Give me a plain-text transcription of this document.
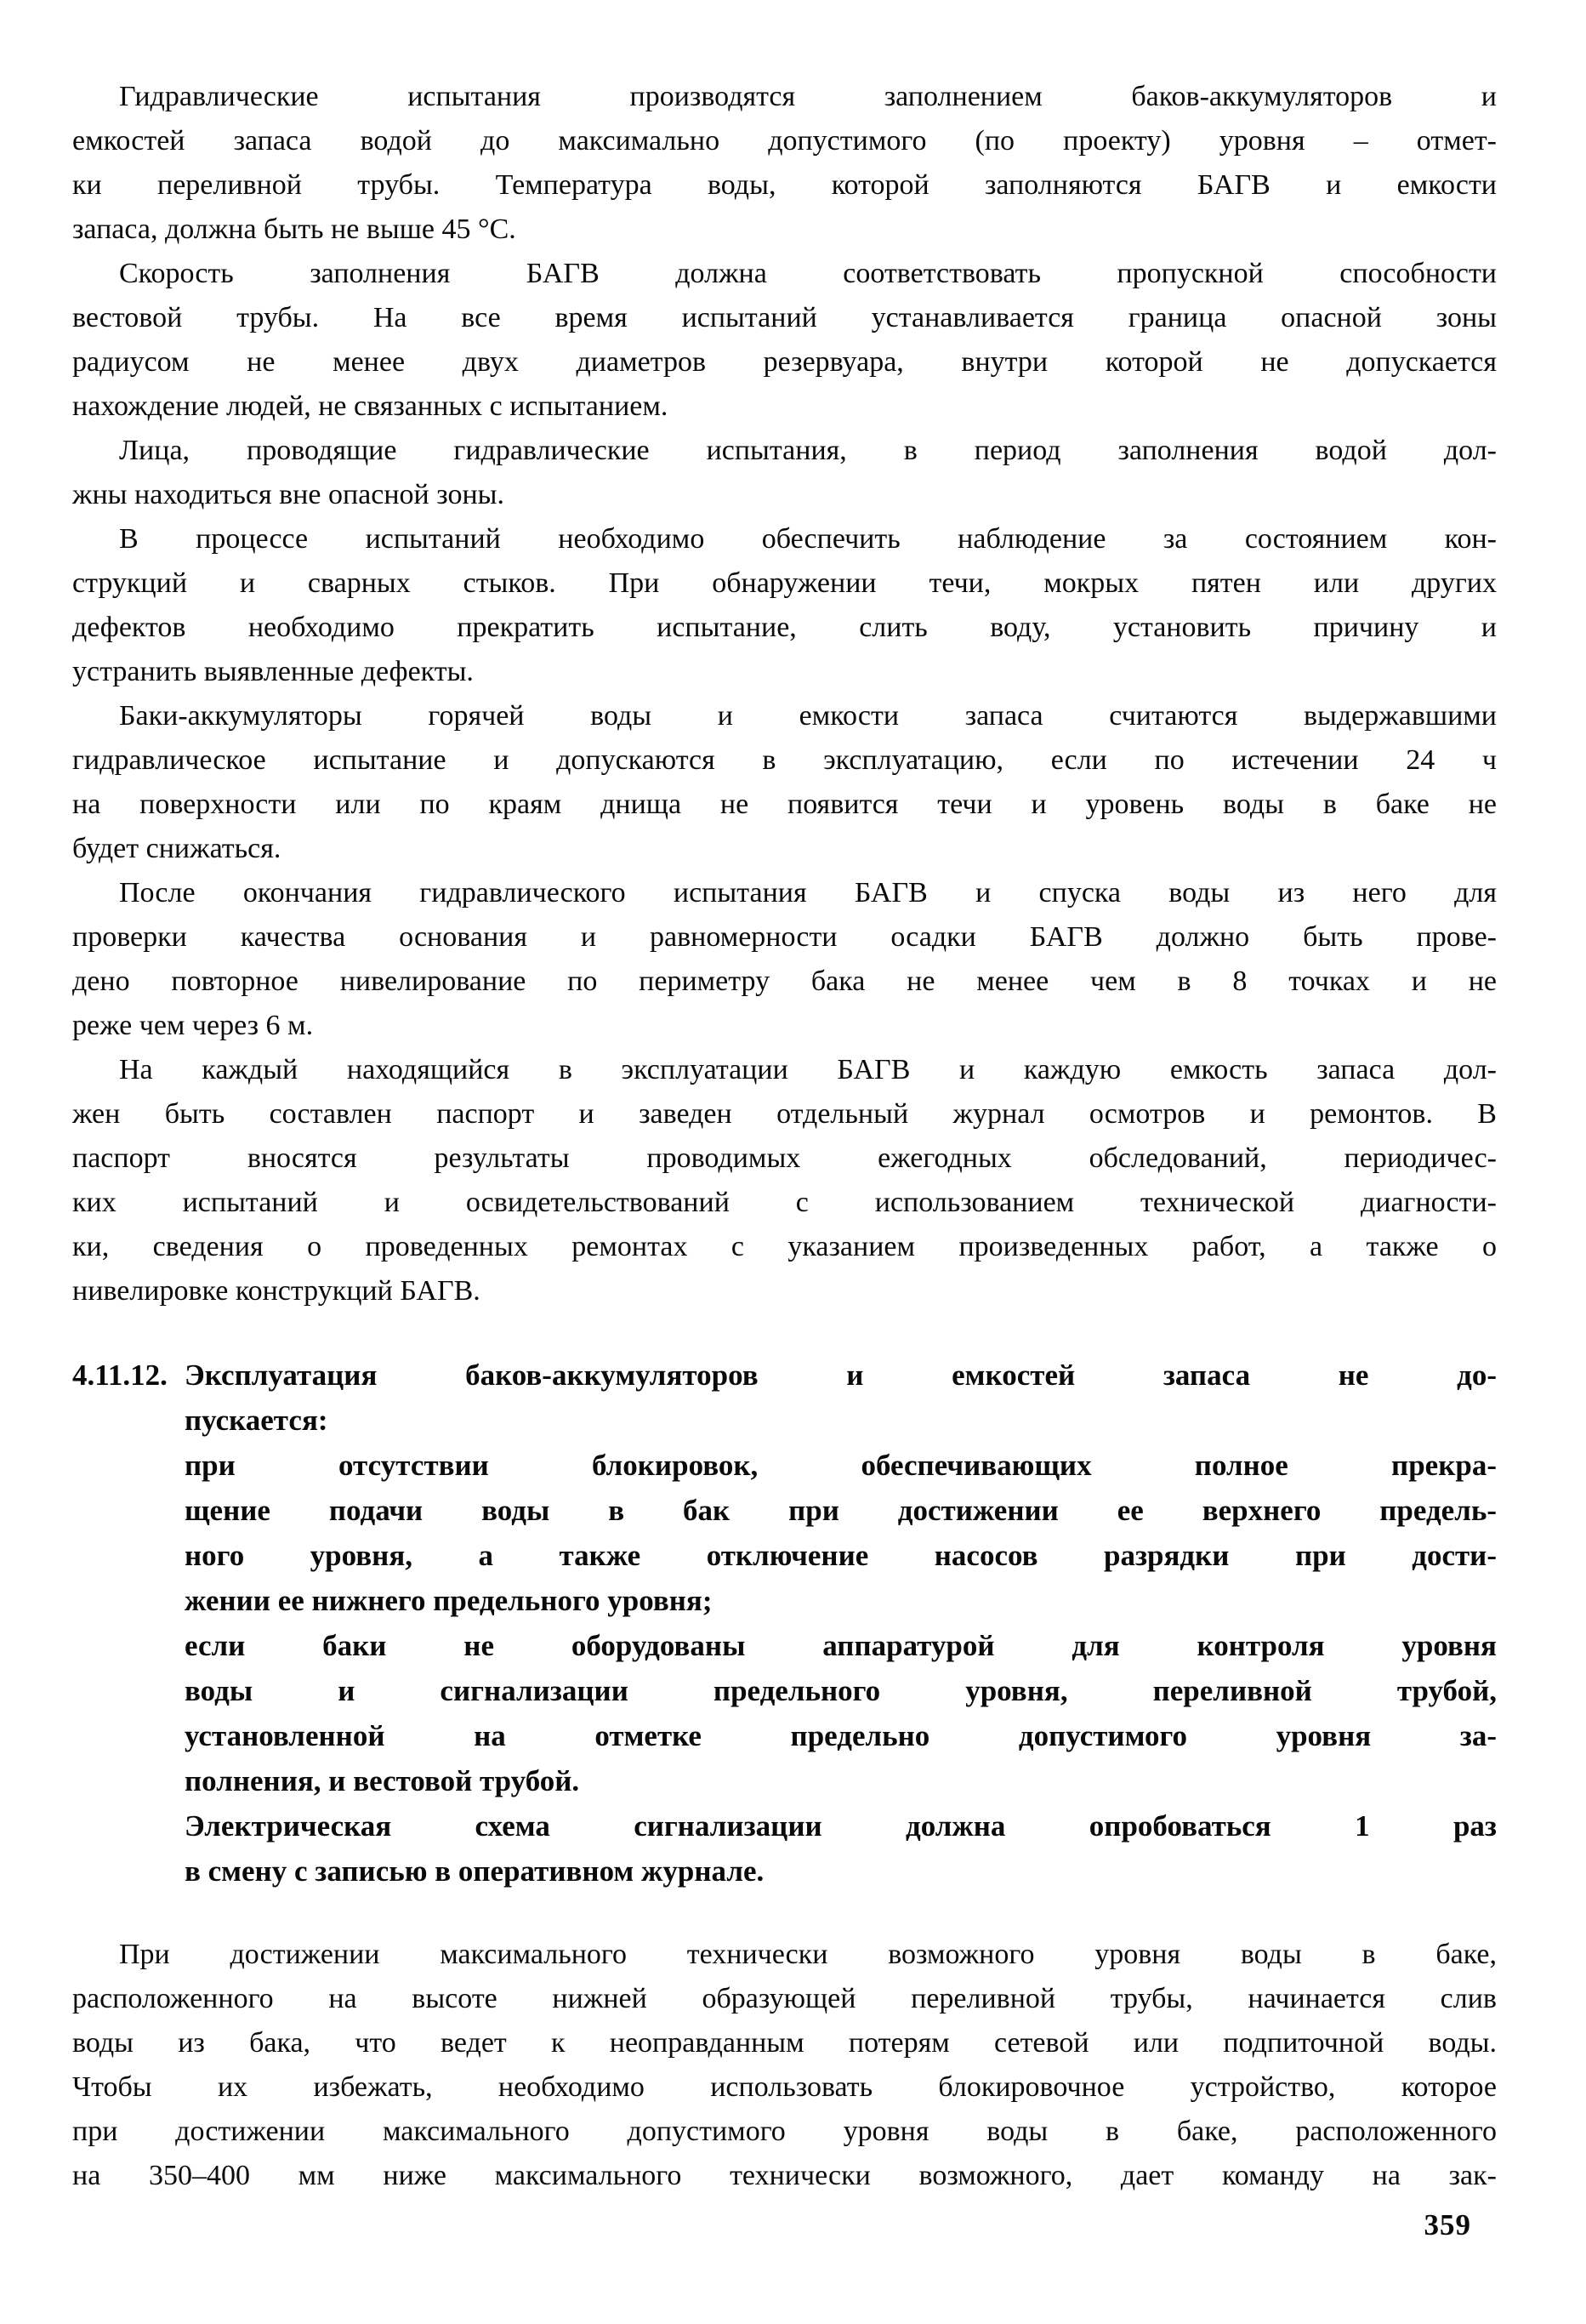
Гидравлические испытания производятся заполнением баков-аккумуляторов и
емкостей запаса водой до максимально допустимого (по проекту) уровня – отмет-
ки переливной трубы. Температура воды, которой заполняются БАГВ и емкости
запаса, должна быть не выше 45 °С.
Скорость заполнения БАГВ должна соответствовать пропускной способности
вестовой трубы. На все время испытаний устанавливается граница опасной зоны
радиусом не менее двух диаметров резервуара, внутри которой не допускается
нахождение людей, не связанных с испытанием.
Лица, проводящие гидравлические испытания, в период заполнения водой дол-
жны находиться вне опасной зоны.
В процессе испытаний необходимо обеспечить наблюдение за состоянием кон-
струкций и сварных стыков. При обнаружении течи, мокрых пятен или других
дефектов необходимо прекратить испытание, слить воду, установить причину и
устранить выявленные дефекты.
Баки-аккумуляторы горячей воды и емкости запаса считаются выдержавшими
гидравлическое испытание и допускаются в эксплуатацию, если по истечении 24 ч
на поверхности или по краям днища не появится течи и уровень воды в баке не
будет снижаться.
После окончания гидравлического испытания БАГВ и спуска воды из него для
проверки качества основания и равномерности осадки БАГВ должно быть прове-
дено повторное нивелирование по периметру бака не менее чем в 8 точках и не
реже чем через 6 м.
На каждый находящийся в эксплуатации БАГВ и каждую емкость запаса дол-
жен быть составлен паспорт и заведен отдельный журнал осмотров и ремонтов. В
паспорт вносятся результаты проводимых ежегодных обследований, периодичес-
ких испытаний и освидетельствований с использованием технической диагности-
ки, сведения о проведенных ремонтах с указанием произведенных работ, а также о
нивелировке конструкций БАГВ.
4.11.12. Эксплуатация баков-аккумуляторов и емкостей запаса не до-
пускается:
при отсутствии блокировок, обеспечивающих полное прекра-
щение подачи воды в бак при достижении ее верхнего предель-
ного уровня, а также отключение насосов разрядки при дости-
жении ее нижнего предельного уровня;
если баки не оборудованы аппаратурой для контроля уровня
воды и сигнализации предельного уровня, переливной трубой,
установленной на отметке предельно допустимого уровня за-
полнения, и вестовой трубой.
Электрическая схема сигнализации должна опробоваться 1 раз
в смену с записью в оперативном журнале.
При достижении максимального технически возможного уровня воды в баке,
расположенного на высоте нижней образующей переливной трубы, начинается слив
воды из бака, что ведет к неоправданным потерям сетевой или подпиточной воды.
Чтобы их избежать, необходимо использовать блокировочное устройство, которое
при достижении максимального допустимого уровня воды в баке, расположенного
на 350–400 мм ниже максимального технически возможного, дает команду на зак-
359
